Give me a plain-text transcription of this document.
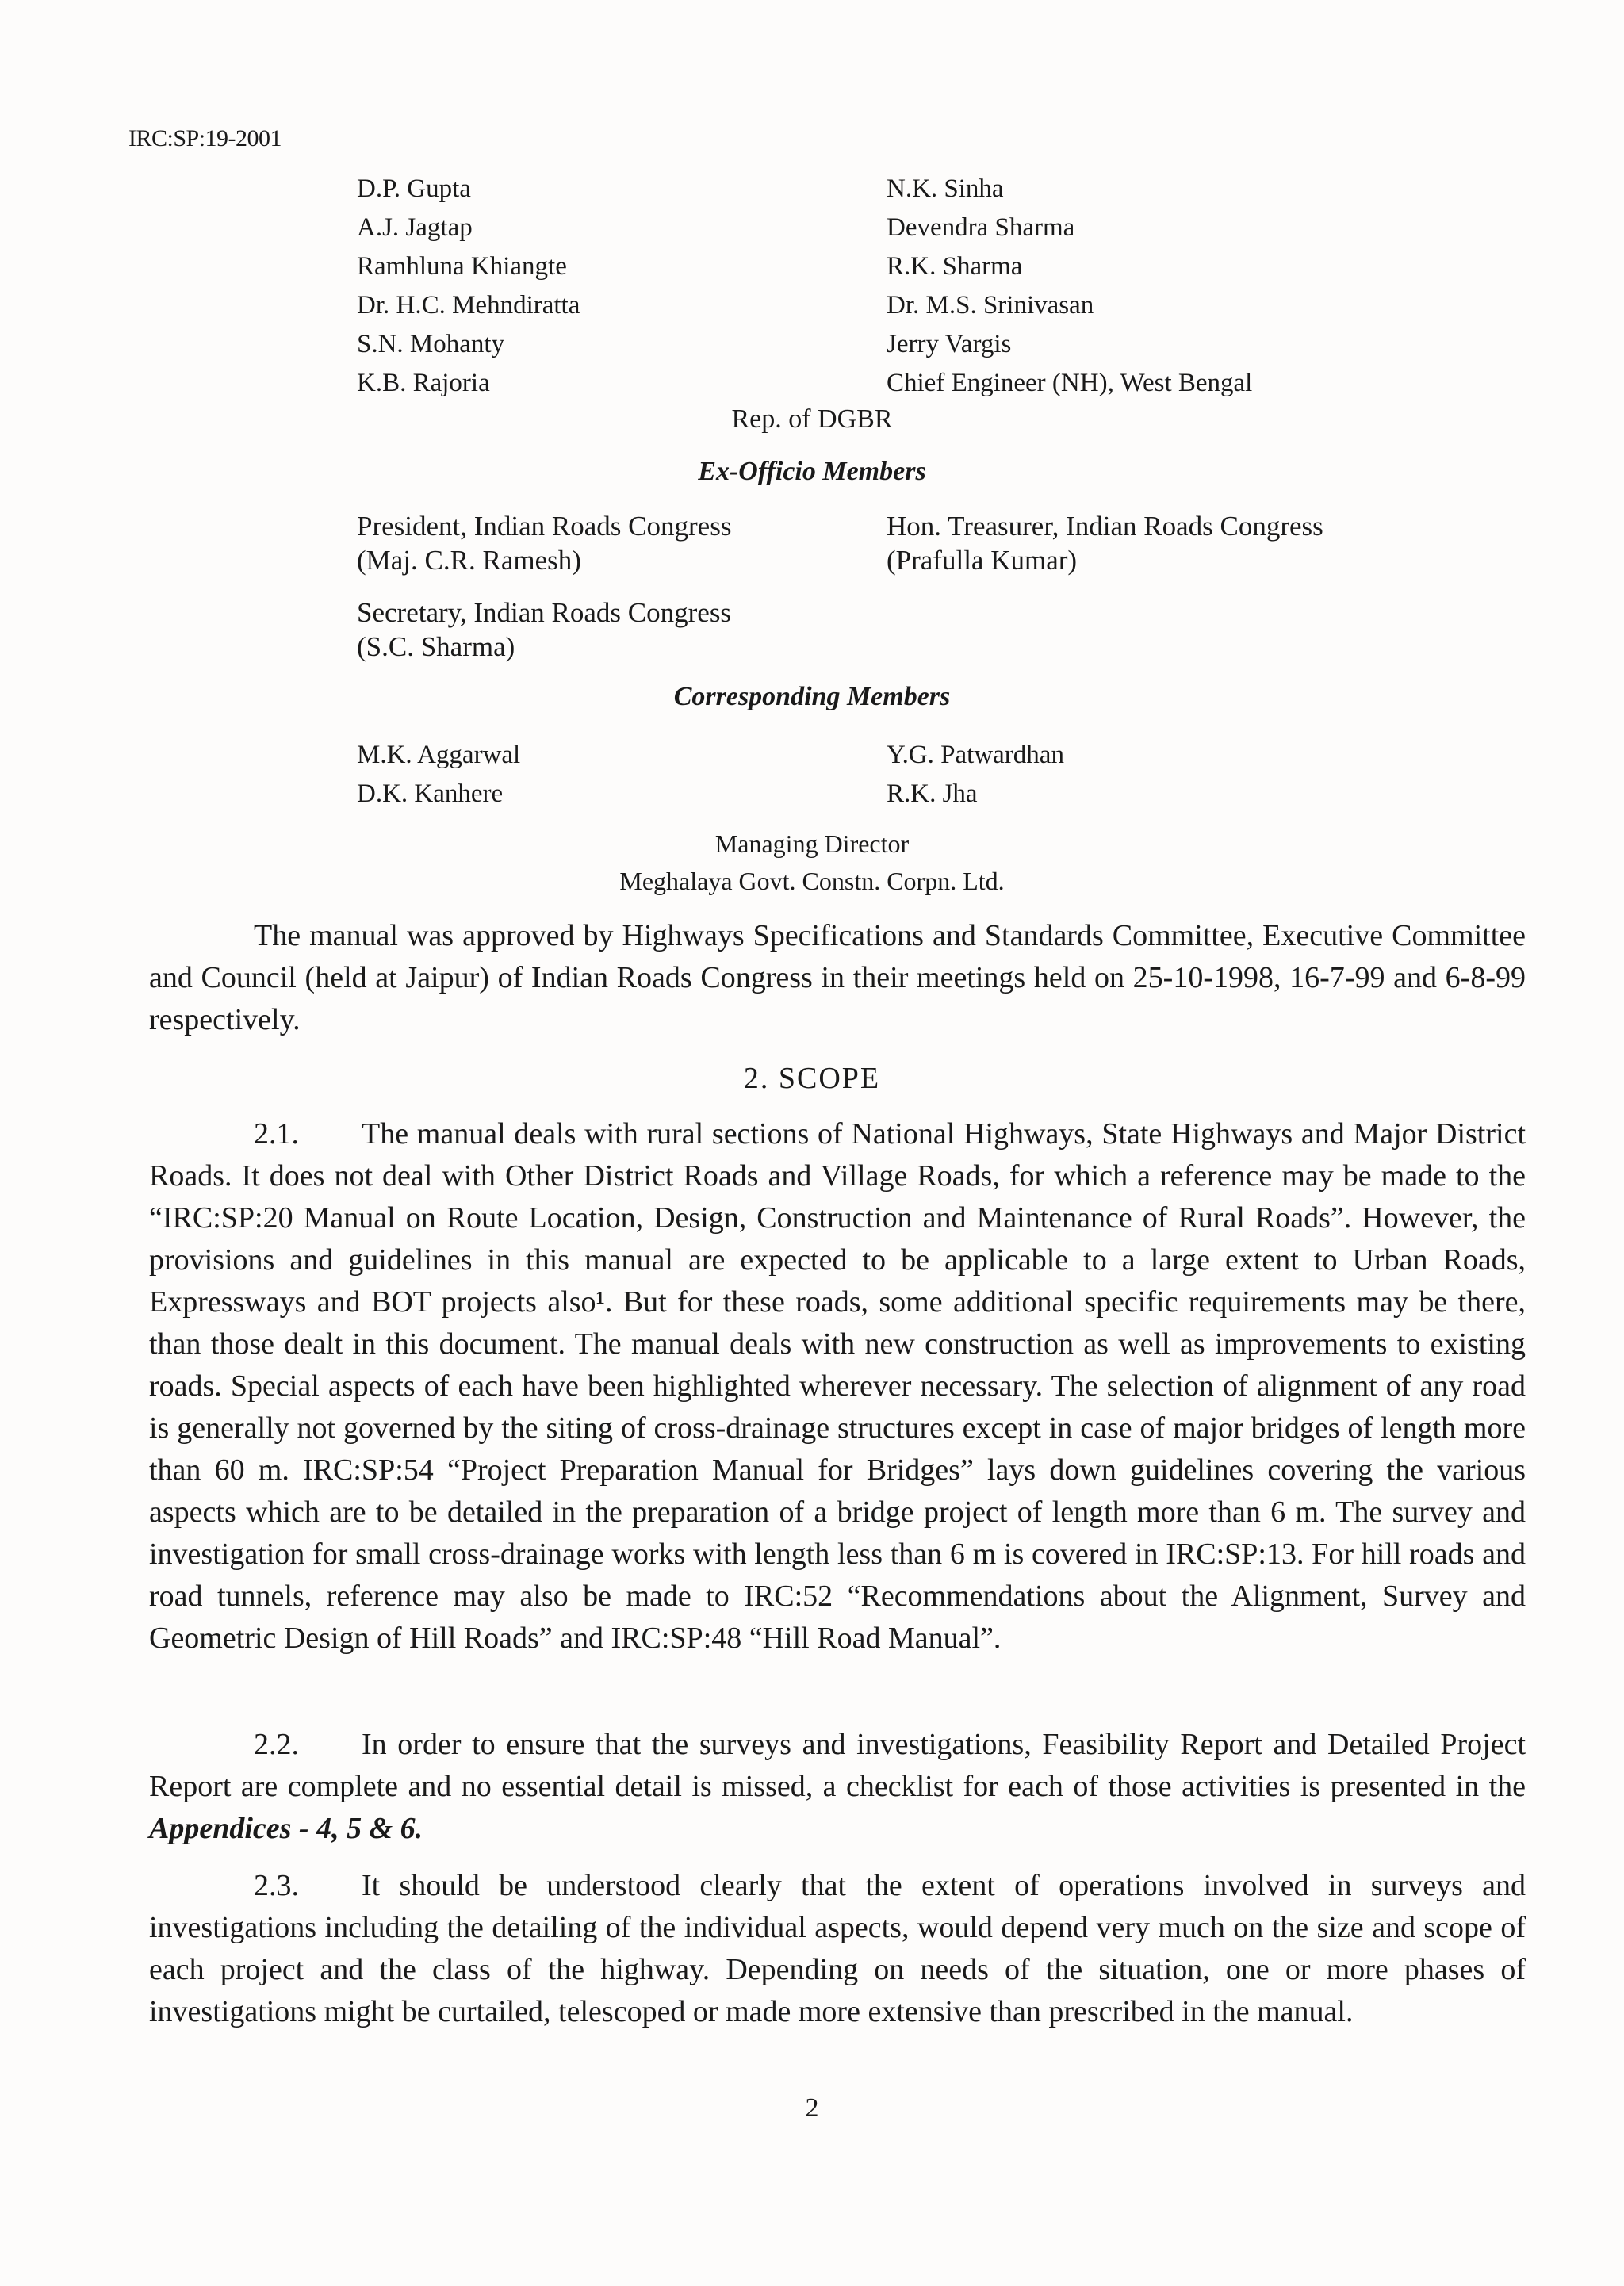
IRC:SP:19-2001
D.P. Gupta
A.J. Jagtap
Ramhluna Khiangte
Dr. H.C. Mehndiratta
S.N. Mohanty
K.B. Rajoria
N.K. Sinha
Devendra Sharma
R.K. Sharma
Dr. M.S. Srinivasan
Jerry Vargis
Chief Engineer (NH), West Bengal
Rep. of DGBR
Ex-Officio Members
President, Indian Roads Congress
(Maj. C.R. Ramesh)
Hon. Treasurer, Indian Roads Congress
(Prafulla Kumar)
Secretary, Indian Roads Congress
(S.C. Sharma)
Corresponding Members
M.K. Aggarwal
D.K. Kanhere
Y.G. Patwardhan
R.K. Jha
Managing Director
Meghalaya Govt. Constn. Corpn. Ltd.
The manual was approved by Highways Specifications and Standards Committee, Executive Committee and Council (held at Jaipur) of Indian Roads Congress in their meetings held on 25-10-1998, 16-7-99 and 6-8-99 respectively.
2. SCOPE
2.1. The manual deals with rural sections of National Highways, State Highways and Major District Roads. It does not deal with Other District Roads and Village Roads, for which a reference may be made to the “IRC:SP:20 Manual on Route Location, Design, Construction and Maintenance of Rural Roads”. However, the provisions and guidelines in this manual are expected to be applicable to a large extent to Urban Roads, Expressways and BOT projects also¹. But for these roads, some additional specific requirements may be there, than those dealt in this document. The manual deals with new construction as well as improvements to existing roads. Special aspects of each have been highlighted wherever necessary. The selection of alignment of any road is generally not governed by the siting of cross-drainage structures except in case of major bridges of length more than 60 m. IRC:SP:54 “Project Preparation Manual for Bridges” lays down guidelines covering the various aspects which are to be detailed in the preparation of a bridge project of length more than 6 m. The survey and investigation for small cross-drainage works with length less than 6 m is covered in IRC:SP:13. For hill roads and road tunnels, reference may also be made to IRC:52 “Recommendations about the Alignment, Survey and Geometric Design of Hill Roads” and IRC:SP:48 “Hill Road Manual”.
2.2. In order to ensure that the surveys and investigations, Feasibility Report and Detailed Project Report are complete and no essential detail is missed, a checklist for each of those activities is presented in the Appendices - 4, 5 & 6.
2.3. It should be understood clearly that the extent of operations involved in surveys and investigations including the detailing of the individual aspects, would depend very much on the size and scope of each project and the class of the highway. Depending on needs of the situation, one or more phases of investigations might be curtailed, telescoped or made more extensive than prescribed in the manual.
2
